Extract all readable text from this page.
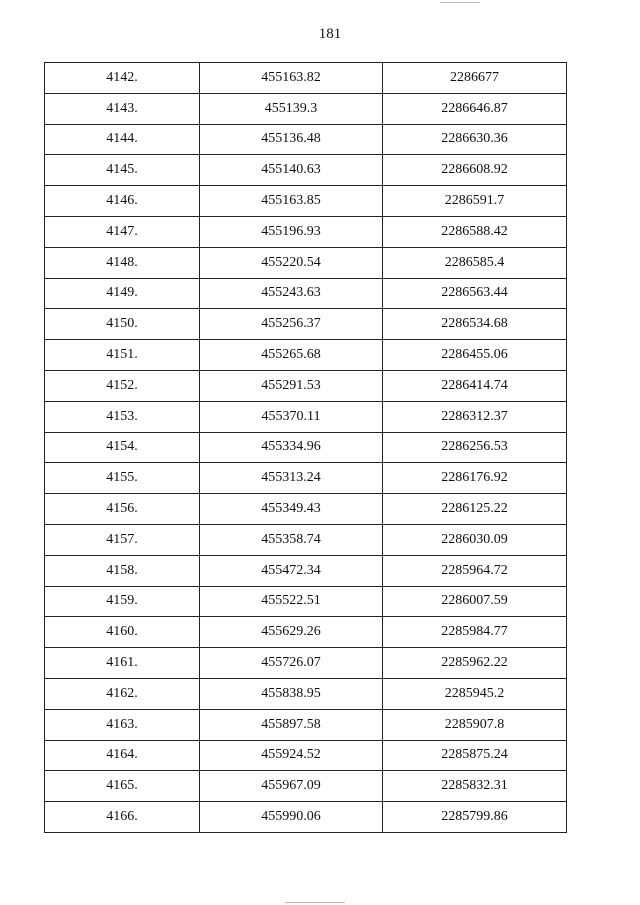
181
4142.	455163.82	2286677
4143.	455139.3	2286646.87
4144.	455136.48	2286630.36
4145.	455140.63	2286608.92
4146.	455163.85	2286591.7
4147.	455196.93	2286588.42
4148.	455220.54	2286585.4
4149.	455243.63	2286563.44
4150.	455256.37	2286534.68
4151.	455265.68	2286455.06
4152.	455291.53	2286414.74
4153.	455370.11	2286312.37
4154.	455334.96	2286256.53
4155.	455313.24	2286176.92
4156.	455349.43	2286125.22
4157.	455358.74	2286030.09
4158.	455472.34	2285964.72
4159.	455522.51	2286007.59
4160.	455629.26	2285984.77
4161.	455726.07	2285962.22
4162.	455838.95	2285945.2
4163.	455897.58	2285907.8
4164.	455924.52	2285875.24
4165.	455967.09	2285832.31
4166.	455990.06	2285799.86
